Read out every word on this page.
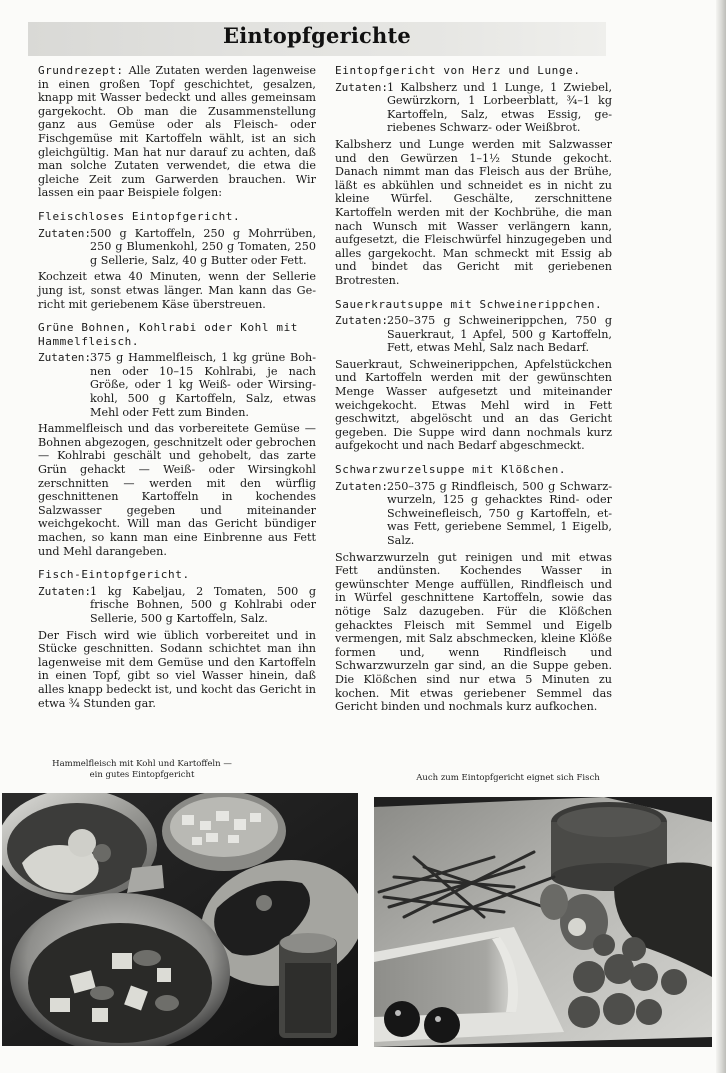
Eintopfgerichte

Grundrezept: Alle Zutaten werden lagenweise in einen großen Topf geschichtet, gesalzen, knapp mit Wasser bedeckt und alles gemeinsam gargekocht. Ob man die Zusammenstellung ganz aus Gemüse oder als Fleisch- oder Fischgemüse mit Kartoffeln wählt, ist an sich gleichgültig. Man hat nur darauf zu achten, daß man solche Zutaten verwendet, die etwa die gleiche Zeit zum Garwerden brauchen. Wir lassen ein paar Beispiele folgen:

Fleischloses Eintopfgericht.
Zutaten: 500 g Kartoffeln, 250 g Mohrrüben, 250 g Blumenkohl, 250 g Tomaten, 250 g Sellerie, Salz, 40 g Butter oder Fett.

Kochzeit etwa 40 Minuten, wenn der Sellerie jung ist, sonst etwas länger. Man kann das Gericht mit geriebenem Käse überstreuen.

Grüne Bohnen, Kohlrabi oder Kohl mit Hammelfleisch.
Zutaten: 375 g Hammelfleisch, 1 kg grüne Bohnen oder 10–15 Kohlrabi, je nach Größe, oder 1 kg Weiß- oder Wirsingkohl, 500 g Kartoffeln, Salz, etwas Mehl oder Fett zum Binden.

Hammelfleisch und das vorbereitete Gemüse — Bohnen abgezogen, geschnitzelt oder gebrochen — Kohlrabi geschält und gehobelt, das zarte Grün gehackt — Weiß- oder Wirsingkohl zerschnitten — werden mit den würflig geschnittenen Kartoffeln in kochendes Salzwasser gegeben und miteinander weichgekocht. Will man das Gericht bündiger machen, so kann man eine Einbrenne aus Fett und Mehl darangeben.

Fisch-Eintopfgericht.
Zutaten: 1 kg Kabeljau, 2 Tomaten, 500 g frische Bohnen, 500 g Kohlrabi oder Sellerie, 500 g Kartoffeln, Salz.

Der Fisch wird wie üblich vorbereitet und in Stücke geschnitten. Sodann schichtet man ihn lagenweise mit dem Gemüse und den Kartoffeln in einen Topf, gibt so viel Wasser hinein, daß alles knapp bedeckt ist, und kocht das Gericht in etwa ¾ Stunden gar.

Eintopfgericht von Herz und Lunge.
Zutaten: 1 Kalbsherz und 1 Lunge, 1 Zwiebel, Gewürzkorn, 1 Lorbeerblatt, ¾–1 kg Kartoffeln, Salz, etwas Essig, geriebenes Schwarz- oder Weißbrot.

Kalbsherz und Lunge werden mit Salzwasser und den Gewürzen 1–1½ Stunde gekocht. Danach nimmt man das Fleisch aus der Brühe, läßt es abkühlen und schneidet es in nicht zu kleine Würfel. Geschälte, zerschnittene Kartoffeln werden mit der Kochbrühe, die man nach Wunsch mit Wasser verlängern kann, aufgesetzt, die Fleischwürfel hinzugegeben und alles gargekocht. Man schmeckt mit Essig ab und bindet das Gericht mit geriebenen Brotresten.

Sauerkrautsuppe mit Schweinerippchen.
Zutaten: 250–375 g Schweinerippchen, 750 g Sauerkraut, 1 Apfel, 500 g Kartoffeln, Fett, etwas Mehl, Salz nach Bedarf.

Sauerkraut, Schweinerippchen, Apfelstückchen und Kartoffeln werden mit der gewünschten Menge Wasser aufgesetzt und miteinander weichgekocht. Etwas Mehl wird in Fett geschwitzt, abgelöscht und an das Gericht gegeben. Die Suppe wird dann nochmals kurz aufgekocht und nach Bedarf abgeschmeckt.

Schwarzwurzelsuppe mit Klößchen.
Zutaten: 250–375 g Rindfleisch, 500 g Schwarzwurzeln, 125 g gehacktes Rind- oder Schweinefleisch, 750 g Kartoffeln, etwas Fett, geriebene Semmel, 1 Eigelb, Salz.

Schwarzwurzeln gut reinigen und mit etwas Fett andünsten. Kochendes Wasser in gewünschter Menge auffüllen, Rindfleisch und in Würfel geschnittene Kartoffeln, sowie das nötige Salz dazugeben. Für die Klößchen gehacktes Fleisch mit Semmel und Eigelb vermengen, mit Salz abschmecken, kleine Klöße formen und, wenn Rindfleisch und Schwarzwurzeln gar sind, an die Suppe geben. Die Klößchen sind nur etwa 5 Minuten zu kochen. Mit etwas geriebener Semmel das Gericht binden und nochmals kurz aufkochen.

Hammelfleisch mit Kohl und Kartoffeln —
ein gutes Eintopfgericht	Auch zum Eintopfgericht eignet sich Fisch
